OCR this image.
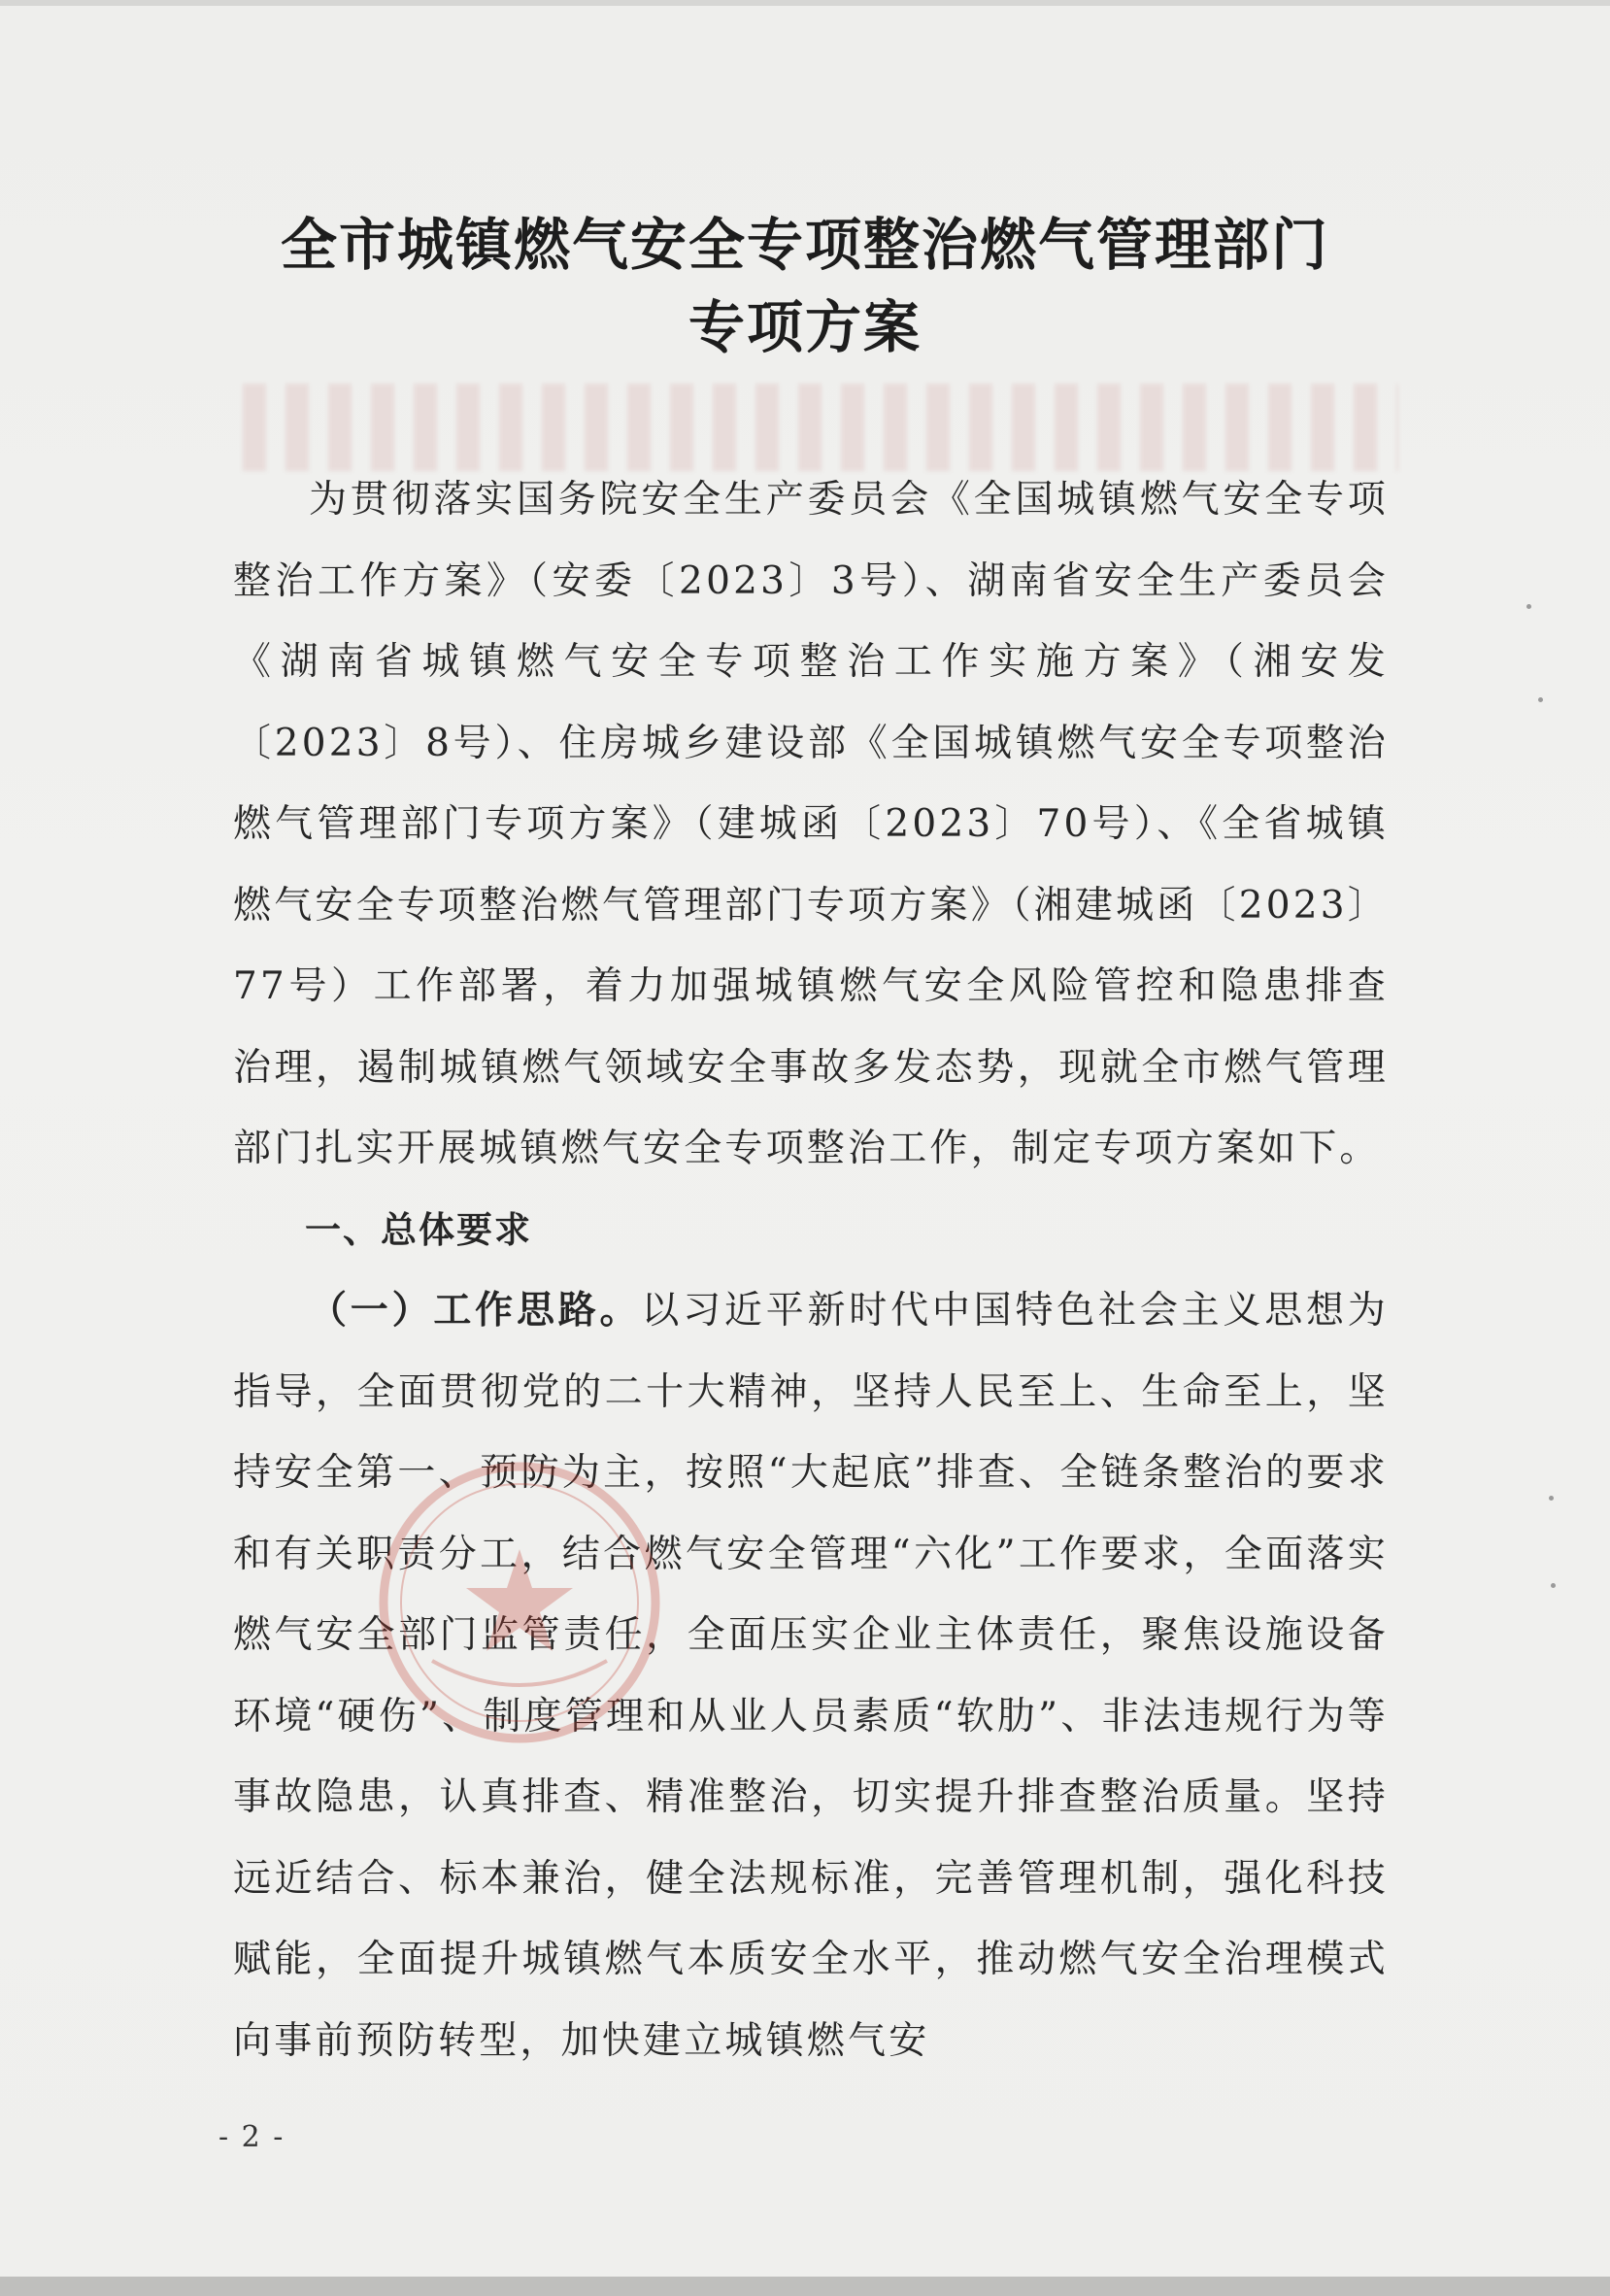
全市城镇燃气安全专项整治燃气管理部门
专项方案

为贯彻落实国务院安全生产委员会《全国城镇燃气安全专项整治工作方案》（安委〔2023〕3号）、湖南省安全生产委员会《湖南省城镇燃气安全专项整治工作实施方案》（湘安发〔2023〕8号）、住房城乡建设部《全国城镇燃气安全专项整治燃气管理部门专项方案》（建城函〔2023〕70号）、《全省城镇燃气安全专项整治燃气管理部门专项方案》（湘建城函〔2023〕77号）工作部署，着力加强城镇燃气安全风险管控和隐患排查治理，遏制城镇燃气领域安全事故多发态势，现就全市燃气管理部门扎实开展城镇燃气安全专项整治工作，制定专项方案如下。

一、总体要求

（一）工作思路。以习近平新时代中国特色社会主义思想为指导，全面贯彻党的二十大精神，坚持人民至上、生命至上，坚持安全第一、预防为主，按照“大起底”排查、全链条整治的要求和有关职责分工，结合燃气安全管理“六化”工作要求，全面落实燃气安全部门监管责任，全面压实企业主体责任，聚焦设施设备环境“硬伤”、制度管理和从业人员素质“软肋”、非法违规行为等事故隐患，认真排查、精准整治，切实提升排查整治质量。坚持远近结合、标本兼治，健全法规标准，完善管理机制，强化科技赋能，全面提升城镇燃气本质安全水平，推动燃气安全治理模式向事前预防转型，加快建立城镇燃气安

- 2 -
